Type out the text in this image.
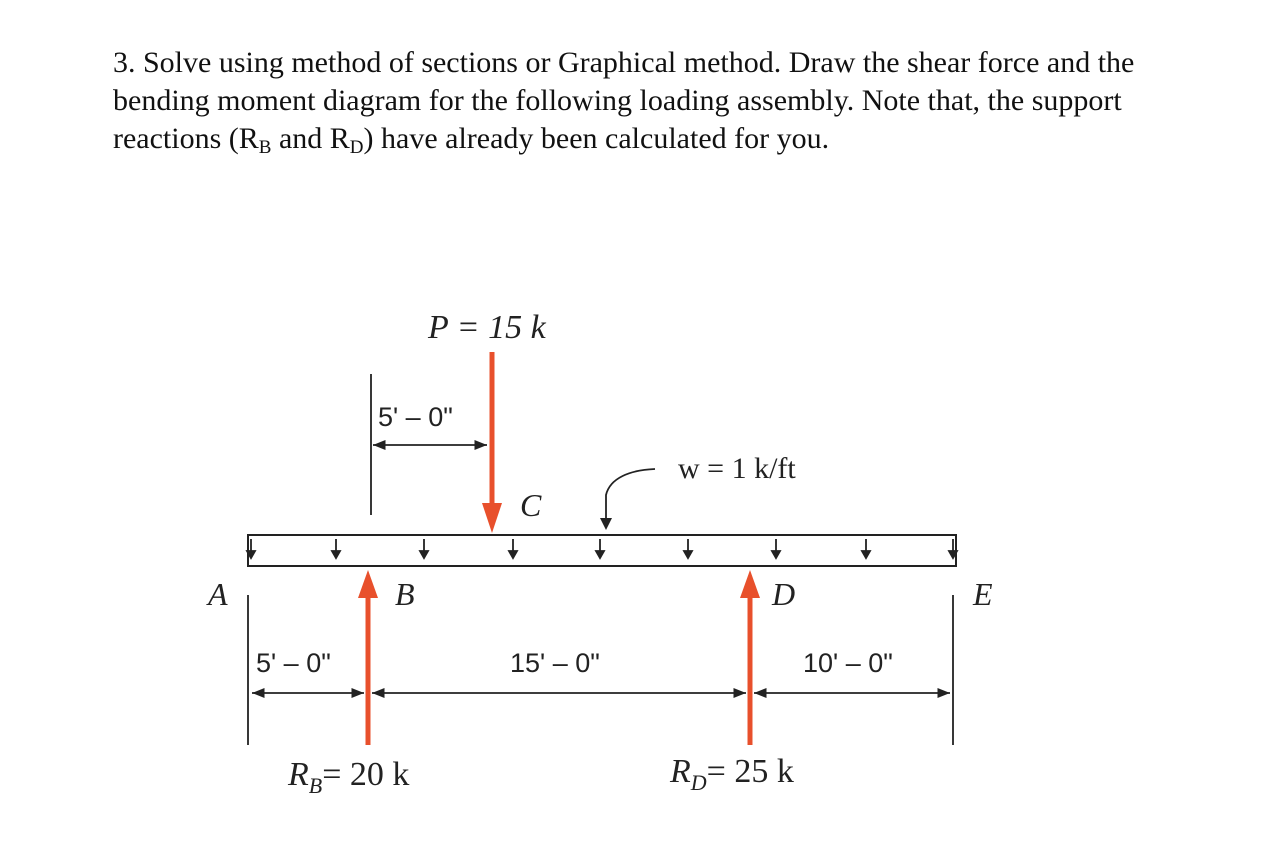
3. Solve using method of sections or Graphical method. Draw the shear force and the

bending moment diagram for the following loading assembly. Note that, the support

reactions (RB and RD) have already been calculated for you.

w = 1 k/ft
P = 15 k
5' – 0"
A	B
C
D	E
5' – 0"	15' – 0"	10' – 0"
$R_B= 20$ k	$R_D= 25$ k
